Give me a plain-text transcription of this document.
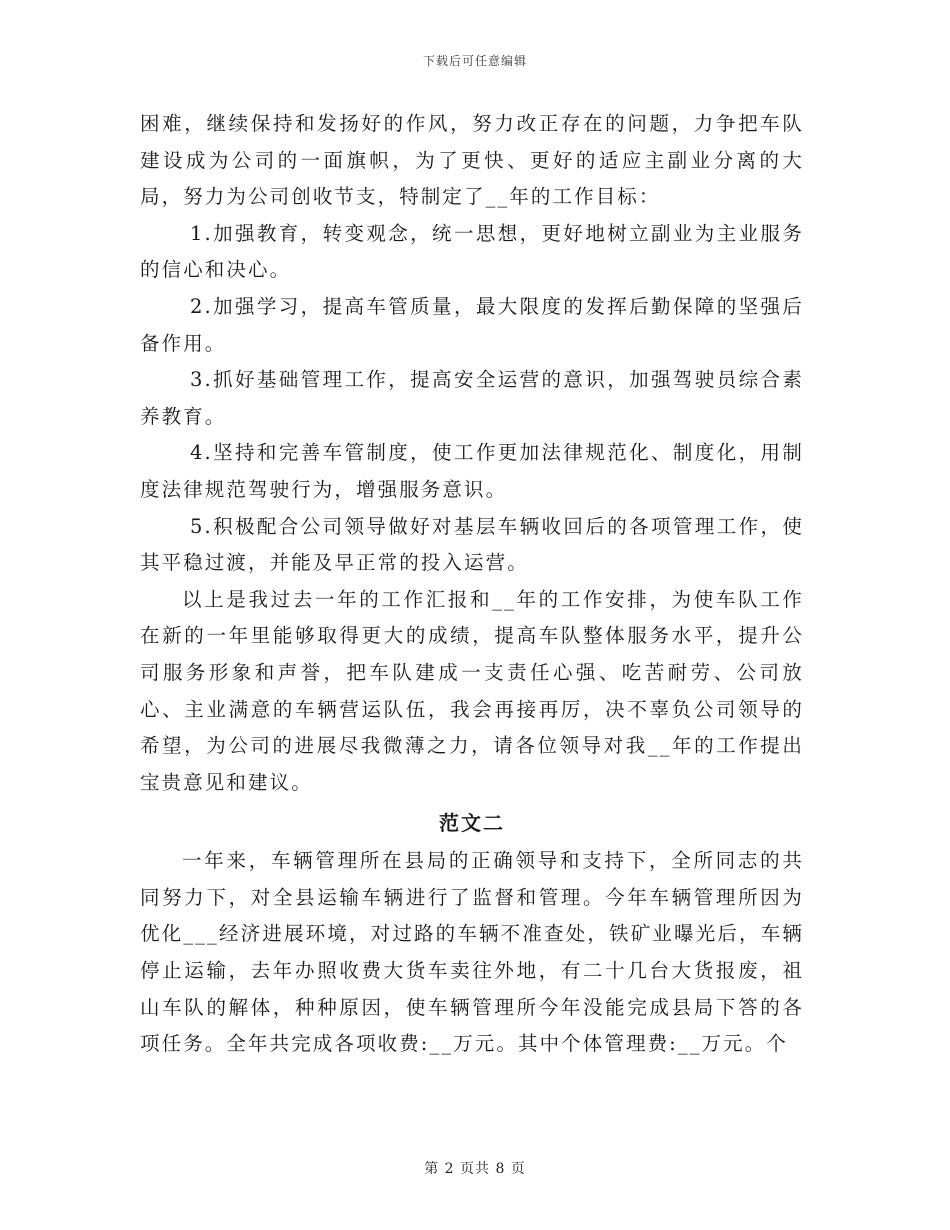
下载后可任意编辑

困难，继续保持和发扬好的作风，努力改正存在的问题，力争把车队建设成为公司的一面旗帜，为了更快、更好的适应主副业分离的大局，努力为公司创收节支，特制定了__年的工作目标：

1.加强教育，转变观念，统一思想，更好地树立副业为主业服务的信心和决心。

2.加强学习，提高车管质量，最大限度的发挥后勤保障的坚强后备作用。

3.抓好基础管理工作，提高安全运营的意识，加强驾驶员综合素养教育。

4.坚持和完善车管制度，使工作更加法律规范化、制度化，用制度法律规范驾驶行为，增强服务意识。

5.积极配合公司领导做好对基层车辆收回后的各项管理工作，使其平稳过渡，并能及早正常的投入运营。

以上是我过去一年的工作汇报和__年的工作安排，为使车队工作在新的一年里能够取得更大的成绩，提高车队整体服务水平，提升公司服务形象和声誉，把车队建成一支责任心强、吃苦耐劳、公司放心、主业满意的车辆营运队伍，我会再接再厉，决不辜负公司领导的希望，为公司的进展尽我微薄之力，请各位领导对我__年的工作提出宝贵意见和建议。

范文二

一年来，车辆管理所在县局的正确领导和支持下，全所同志的共同努力下，对全县运输车辆进行了监督和管理。今年车辆管理所因为优化___经济进展环境，对过路的车辆不准查处，铁矿业曝光后，车辆停止运输，去年办照收费大货车卖往外地，有二十几台大货报废，祖山车队的解体，种种原因，使车辆管理所今年没能完成县局下答的各项任务。全年共完成各项收费:__万元。其中个体管理费:__万元。个

第 2 页共 8 页
